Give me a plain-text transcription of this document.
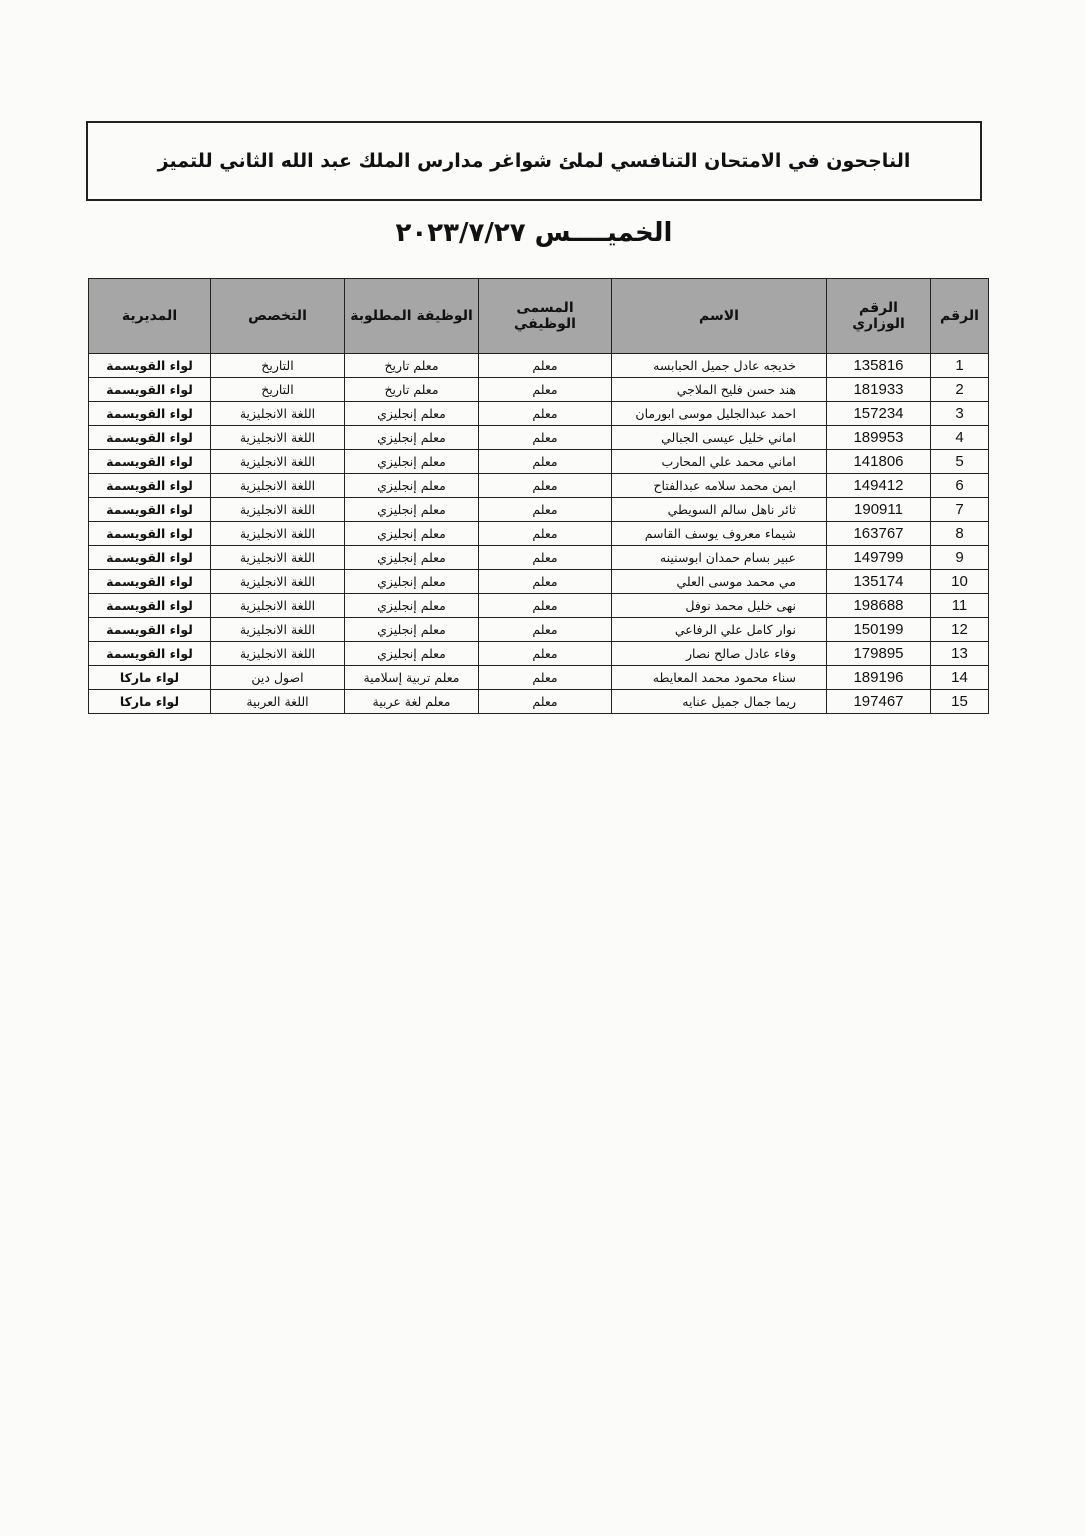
الناجحون في الامتحان التنافسي لملئ شواغر مدارس الملك عبد الله الثاني للتميز
الخميــــس ٢٠٢٣/٧/٢٧
الرقم	الرقم الوزاري	الاسم	المسمى الوظيفي	الوظيفة المطلوبة	التخصص	المديرية
1	135816	خديجه عادل جميل الحبابسه	معلم	معلم تاريخ	التاريخ	لواء القويسمة
2	181933	هند حسن فليح الملاجي	معلم	معلم تاريخ	التاريخ	لواء القويسمة
3	157234	احمد عبدالجليل موسى ابورمان	معلم	معلم إنجليزي	اللغة الانجليزية	لواء القويسمة
4	189953	اماني خليل عيسى الجبالي	معلم	معلم إنجليزي	اللغة الانجليزية	لواء القويسمة
5	141806	اماني محمد علي المحارب	معلم	معلم إنجليزي	اللغة الانجليزية	لواء القويسمة
6	149412	ايمن محمد سلامه عبدالفتاح	معلم	معلم إنجليزي	اللغة الانجليزية	لواء القويسمة
7	190911	ثائر ناهل سالم السويطي	معلم	معلم إنجليزي	اللغة الانجليزية	لواء القويسمة
8	163767	شيماء معروف يوسف القاسم	معلم	معلم إنجليزي	اللغة الانجليزية	لواء القويسمة
9	149799	عبير بسام حمدان ابوسنينه	معلم	معلم إنجليزي	اللغة الانجليزية	لواء القويسمة
10	135174	مي محمد موسى العلي	معلم	معلم إنجليزي	اللغة الانجليزية	لواء القويسمة
11	198688	نهى خليل محمد نوفل	معلم	معلم إنجليزي	اللغة الانجليزية	لواء القويسمة
12	150199	نوار كامل علي الرفاعي	معلم	معلم إنجليزي	اللغة الانجليزية	لواء القويسمة
13	179895	وفاء عادل صالح نصار	معلم	معلم إنجليزي	اللغة الانجليزية	لواء القويسمة
14	189196	سناء محمود محمد المعايطه	معلم	معلم تربية إسلامية	اصول دين	لواء ماركا
15	197467	ريما جمال جميل عنايه	معلم	معلم لغة عربية	اللغة العربية	لواء ماركا
